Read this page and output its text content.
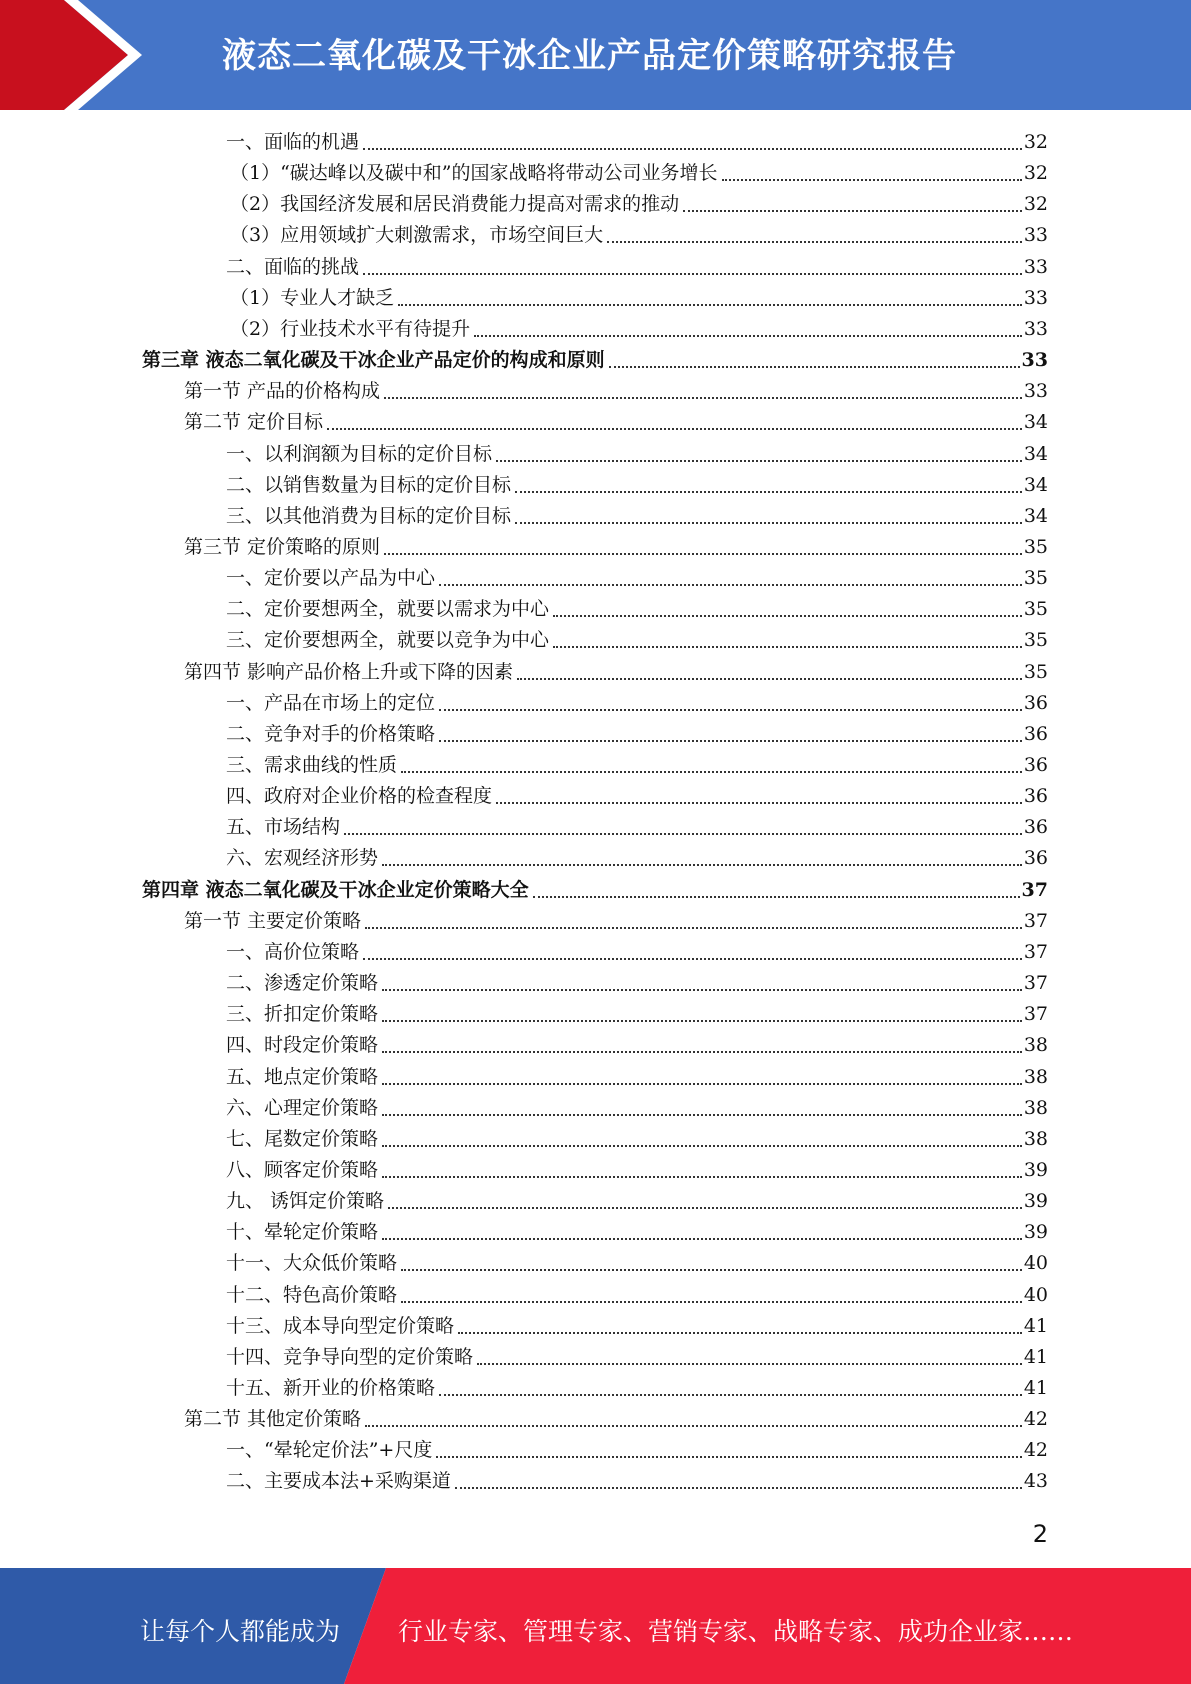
液态二氧化碳及干冰企业产品定价策略研究报告
一、面临的机遇	32
（1）“碳达峰以及碳中和”的国家战略将带动公司业务增长	32
（2）我国经济发展和居民消费能力提高对需求的推动	32
（3）应用领域扩大刺激需求，市场空间巨大	33
二、面临的挑战	33
（1）专业人才缺乏	33
（2）行业技术水平有待提升	33
第三章 液态二氧化碳及干冰企业产品定价的构成和原则	33
第一节 产品的价格构成	33
第二节 定价目标	34
一、以利润额为目标的定价目标	34
二、以销售数量为目标的定价目标	34
三、以其他消费为目标的定价目标	34
第三节 定价策略的原则	35
一、定价要以产品为中心	35
二、定价要想两全，就要以需求为中心	35
三、定价要想两全，就要以竞争为中心	35
第四节 影响产品价格上升或下降的因素	35
一、产品在市场上的定位	36
二、竞争对手的价格策略	36
三、需求曲线的性质	36
四、政府对企业价格的检查程度	36
五、市场结构	36
六、宏观经济形势	36
第四章 液态二氧化碳及干冰企业定价策略大全	37
第一节 主要定价策略	37
一、高价位策略	37
二、渗透定价策略	37
三、折扣定价策略	37
四、时段定价策略	38
五、地点定价策略	38
六、心理定价策略	38
七、尾数定价策略	38
八、顾客定价策略	39
九、 诱饵定价策略	39
十、晕轮定价策略	39
十一、大众低价策略	40
十二、特色高价策略	40
十三、成本导向型定价策略	41
十四、竞争导向型的定价策略	41
十五、新开业的价格策略	41
第二节 其他定价策略	42
一、“晕轮定价法”+尺度	42
二、主要成本法+采购渠道	43
2
让每个人都能成为 行业专家、管理专家、营销专家、战略专家、成功企业家……
